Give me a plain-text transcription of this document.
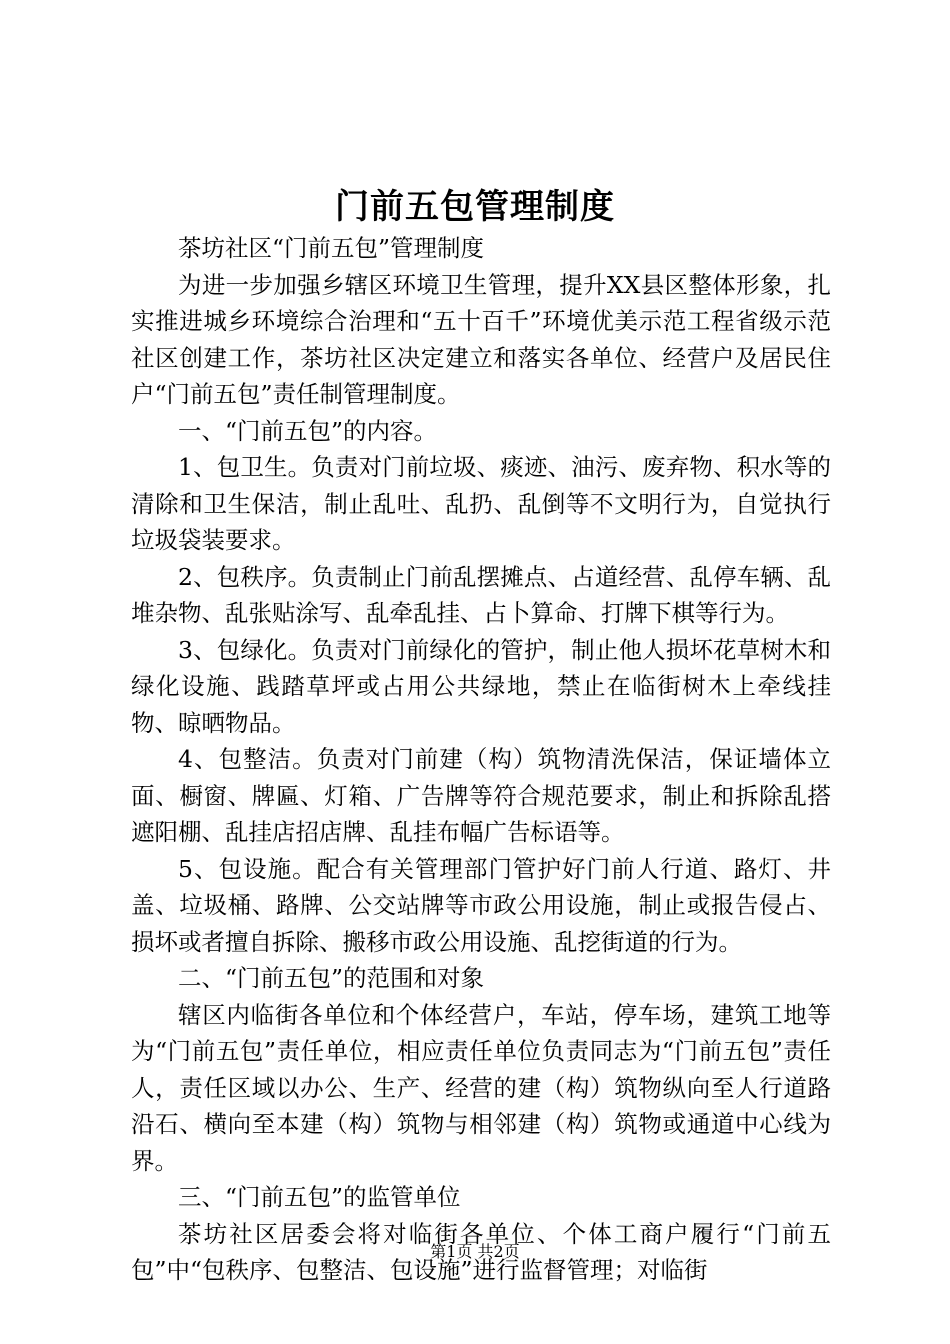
门前五包管理制度

茶坊社区“门前五包”管理制度

为进一步加强乡辖区环境卫生管理，提升XX县区整体形象，扎实推进城乡环境综合治理和“五十百千”环境优美示范工程省级示范社区创建工作，茶坊社区决定建立和落实各单位、经营户及居民住户“门前五包”责任制管理制度。

一、“门前五包”的内容。

1、包卫生。负责对门前垃圾、痰迹、油污、废弃物、积水等的清除和卫生保洁，制止乱吐、乱扔、乱倒等不文明行为，自觉执行垃圾袋装要求。

2、包秩序。负责制止门前乱摆摊点、占道经营、乱停车辆、乱堆杂物、乱张贴涂写、乱牵乱挂、占卜算命、打牌下棋等行为。

3、包绿化。负责对门前绿化的管护，制止他人损坏花草树木和绿化设施、践踏草坪或占用公共绿地，禁止在临街树木上牵线挂物、晾晒物品。

4、包整洁。负责对门前建（构）筑物清洗保洁，保证墙体立面、橱窗、牌匾、灯箱、广告牌等符合规范要求，制止和拆除乱搭遮阳棚、乱挂店招店牌、乱挂布幅广告标语等。

5、包设施。配合有关管理部门管护好门前人行道、路灯、井盖、垃圾桶、路牌、公交站牌等市政公用设施，制止或报告侵占、损坏或者擅自拆除、搬移市政公用设施、乱挖街道的行为。

二、“门前五包”的范围和对象

辖区内临街各单位和个体经营户，车站，停车场，建筑工地等为“门前五包”责任单位，相应责任单位负责同志为“门前五包”责任人，责任区域以办公、生产、经营的建（构）筑物纵向至人行道路沿石、横向至本建（构）筑物与相邻建（构）筑物或通道中心线为界。

三、“门前五包”的监管单位

茶坊社区居委会将对临街各单位、个体工商户履行“门前五包”中“包秩序、包整洁、包设施”进行监督管理；对临街

第1页 共2页
